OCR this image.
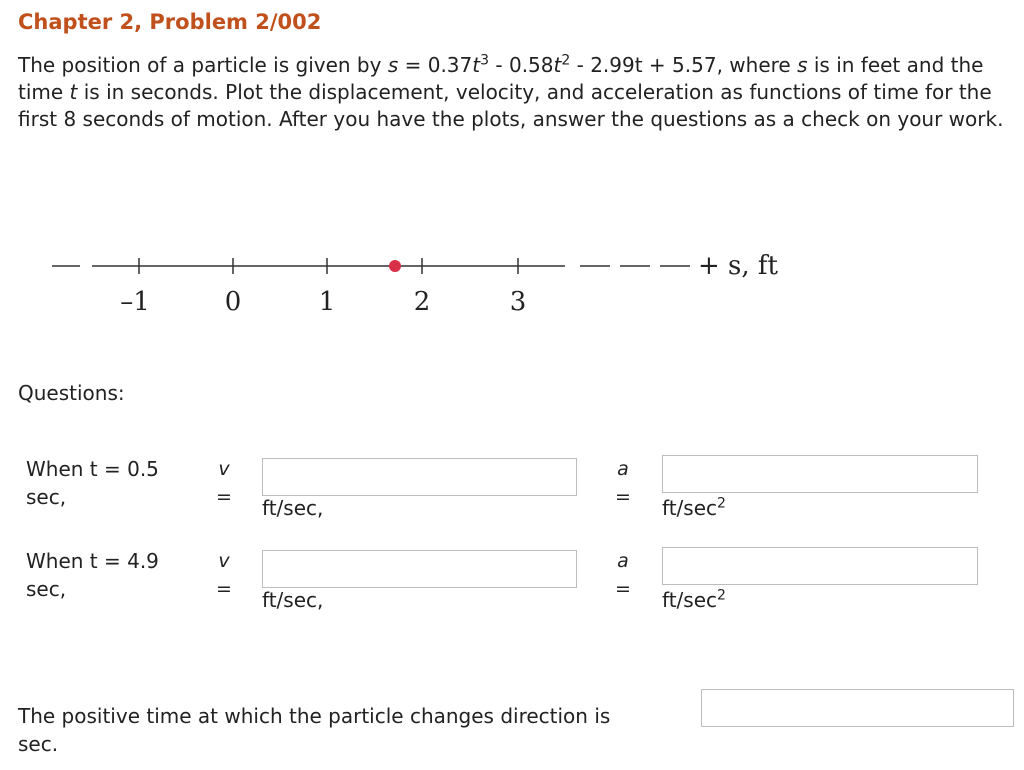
Chapter 2, Problem 2/002
The position of a particle is given by $s = 0.37t^3 - 0.58t^2 - 2.99t + 5.57$, where s is in feet and the time t is in seconds. Plot the displacement, velocity, and acceleration as functions of time for the first 8 seconds of motion. After you have the plots, answer the questions as a check on your work.
–1	0	1	2	3
+ s, ft
Questions:
When t = 0.5
sec,
v
= ft/sec,
a
= $ft/\sec^2$
When t = 4.9
sec,
v
= ft/sec,
a
= $ft/\sec^2$
The positive time at which the particle changes direction is
sec.
